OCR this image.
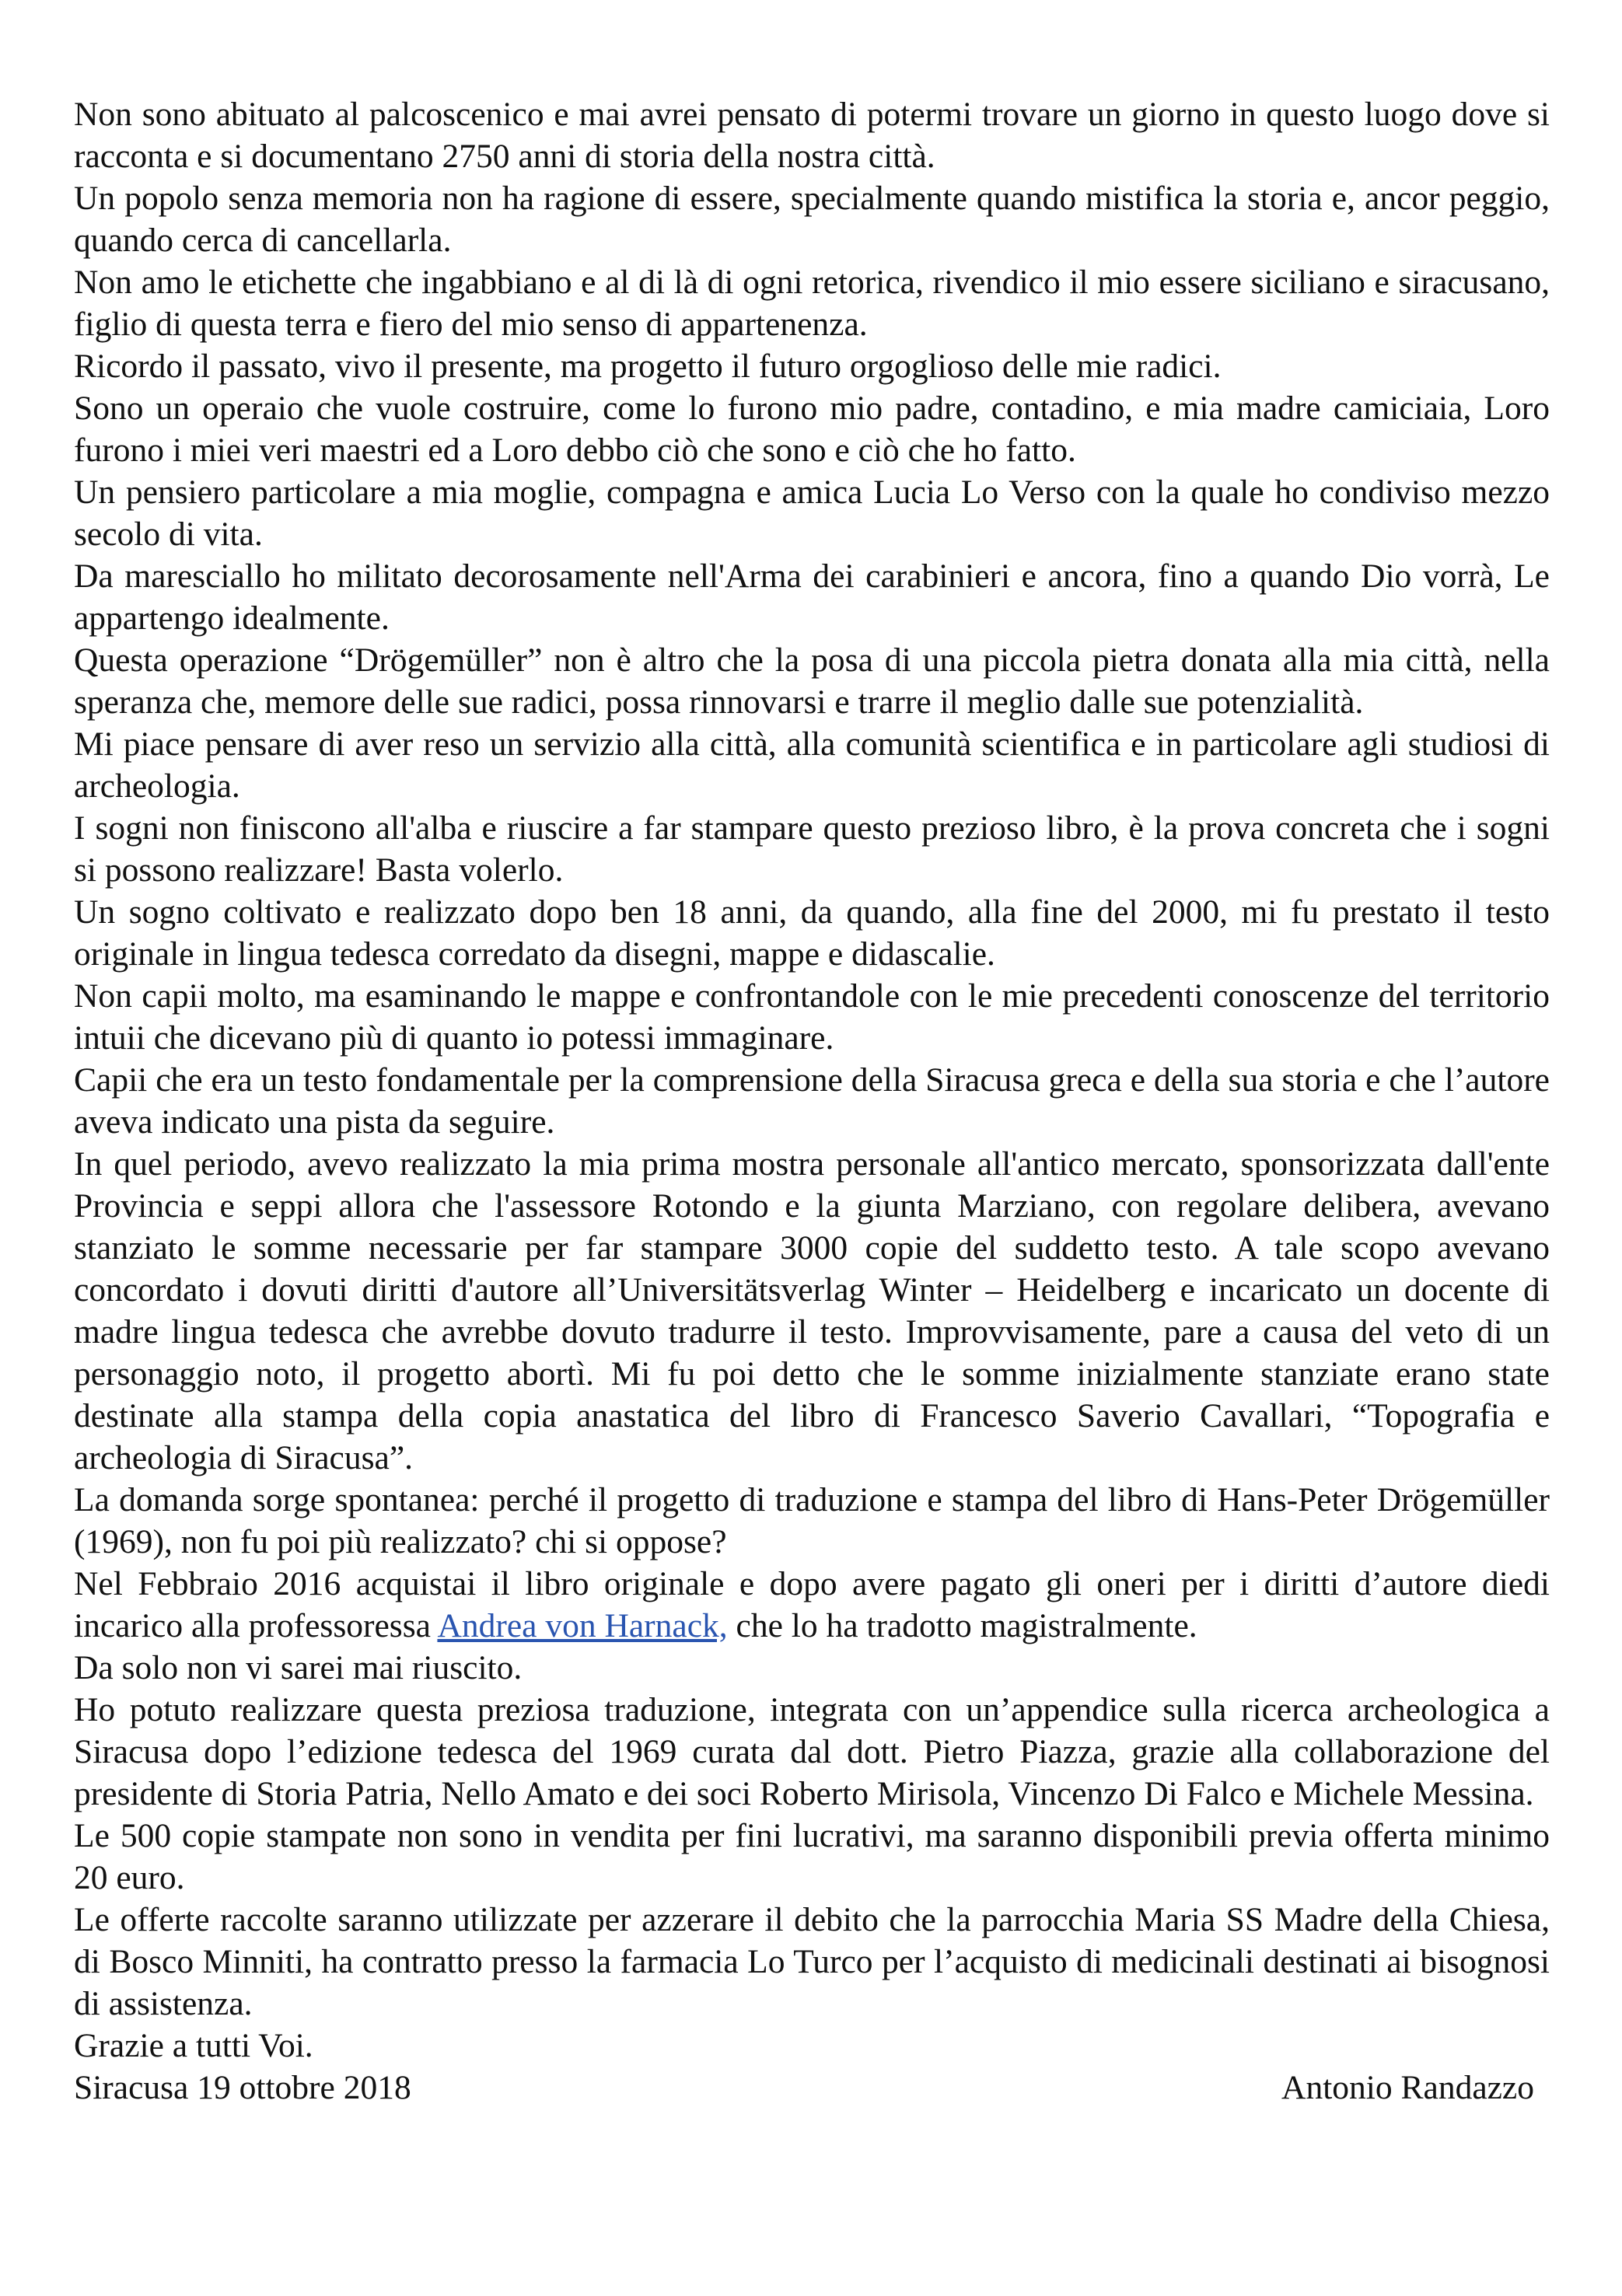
Non sono abituato al palcoscenico e mai avrei pensato di potermi trovare un giorno in questo luogo dove si racconta e si documentano 2750 anni di storia della nostra città.

Un popolo senza memoria non ha ragione di essere, specialmente quando mistifica la storia e, ancor peggio, quando cerca di cancellarla.

Non amo le etichette che ingabbiano e al di là di ogni retorica, rivendico il mio essere siciliano e siracusano, figlio di questa terra e fiero del mio senso di appartenenza.

Ricordo il passato, vivo il presente, ma progetto il futuro orgoglioso delle mie radici.

Sono un operaio che vuole costruire, come lo furono mio padre, contadino, e mia madre camiciaia, Loro furono i miei veri maestri ed a Loro debbo ciò che sono e ciò che ho fatto.

Un pensiero particolare a mia moglie, compagna e amica Lucia Lo Verso con la quale ho condiviso mezzo secolo di vita.

Da maresciallo ho militato decorosamente nell'Arma dei carabinieri e ancora, fino a quando Dio vorrà, Le appartengo idealmente.

Questa operazione “Drögemüller” non è altro che la posa di una piccola pietra donata alla mia città, nella speranza che, memore delle sue radici, possa rinnovarsi e trarre il meglio dalle sue potenzialità.

Mi piace pensare di aver reso un servizio alla città, alla comunità scientifica e in particolare agli studiosi di archeologia.

I sogni non finiscono all'alba e riuscire a far stampare questo prezioso libro, è la prova concreta che i sogni si possono realizzare! Basta volerlo.

Un sogno coltivato e realizzato dopo ben 18 anni, da quando, alla fine del 2000, mi fu prestato il testo originale in lingua tedesca corredato da disegni, mappe e didascalie.

Non capii molto, ma esaminando le mappe e confrontandole con le mie precedenti conoscenze del territorio intuii che dicevano più di quanto io potessi immaginare.

Capii che era un testo fondamentale per la comprensione della Siracusa greca e della sua storia e che l’autore aveva indicato una pista da seguire.

In quel periodo, avevo realizzato la mia prima mostra personale all'antico mercato, sponsorizzata dall'ente Provincia e seppi allora che l'assessore Rotondo e la giunta Marziano, con regolare delibera, avevano stanziato le somme necessarie per far stampare 3000 copie del suddetto testo. A tale scopo avevano concordato i dovuti diritti d'autore all’Universitätsverlag Winter – Heidelberg e incaricato un docente di madre lingua tedesca che avrebbe dovuto tradurre il testo. Improvvisamente, pare a causa del veto di un personaggio noto, il progetto abortì. Mi fu poi detto che le somme inizialmente stanziate erano state destinate alla stampa della copia anastatica del libro di Francesco Saverio Cavallari, “Topografia e archeologia di Siracusa”.

La domanda sorge spontanea: perché il progetto di traduzione e stampa del libro di Hans-Peter Drögemüller (1969), non fu poi più realizzato? chi si oppose?

Nel Febbraio 2016 acquistai il libro originale e dopo avere pagato gli oneri per i diritti d’autore diedi incarico alla professoressa Andrea von Harnack, che lo ha tradotto magistralmente.

Da solo non vi sarei mai riuscito.

Ho potuto realizzare questa preziosa traduzione, integrata con un’appendice sulla ricerca archeologica a Siracusa dopo l’edizione tedesca del 1969 curata dal dott. Pietro Piazza, grazie alla collaborazione del presidente di Storia Patria, Nello Amato e dei soci Roberto Mirisola, Vincenzo Di Falco e Michele Messina.

Le 500 copie stampate non sono in vendita per fini lucrativi, ma saranno disponibili previa offerta minimo 20 euro.

Le offerte raccolte saranno utilizzate per azzerare il debito che la parrocchia Maria SS Madre della Chiesa, di Bosco Minniti, ha contratto presso la farmacia Lo Turco per l’acquisto di medicinali destinati ai bisognosi di assistenza.

Grazie a tutti Voi.

Siracusa 19 ottobre 2018	Antonio Randazzo
